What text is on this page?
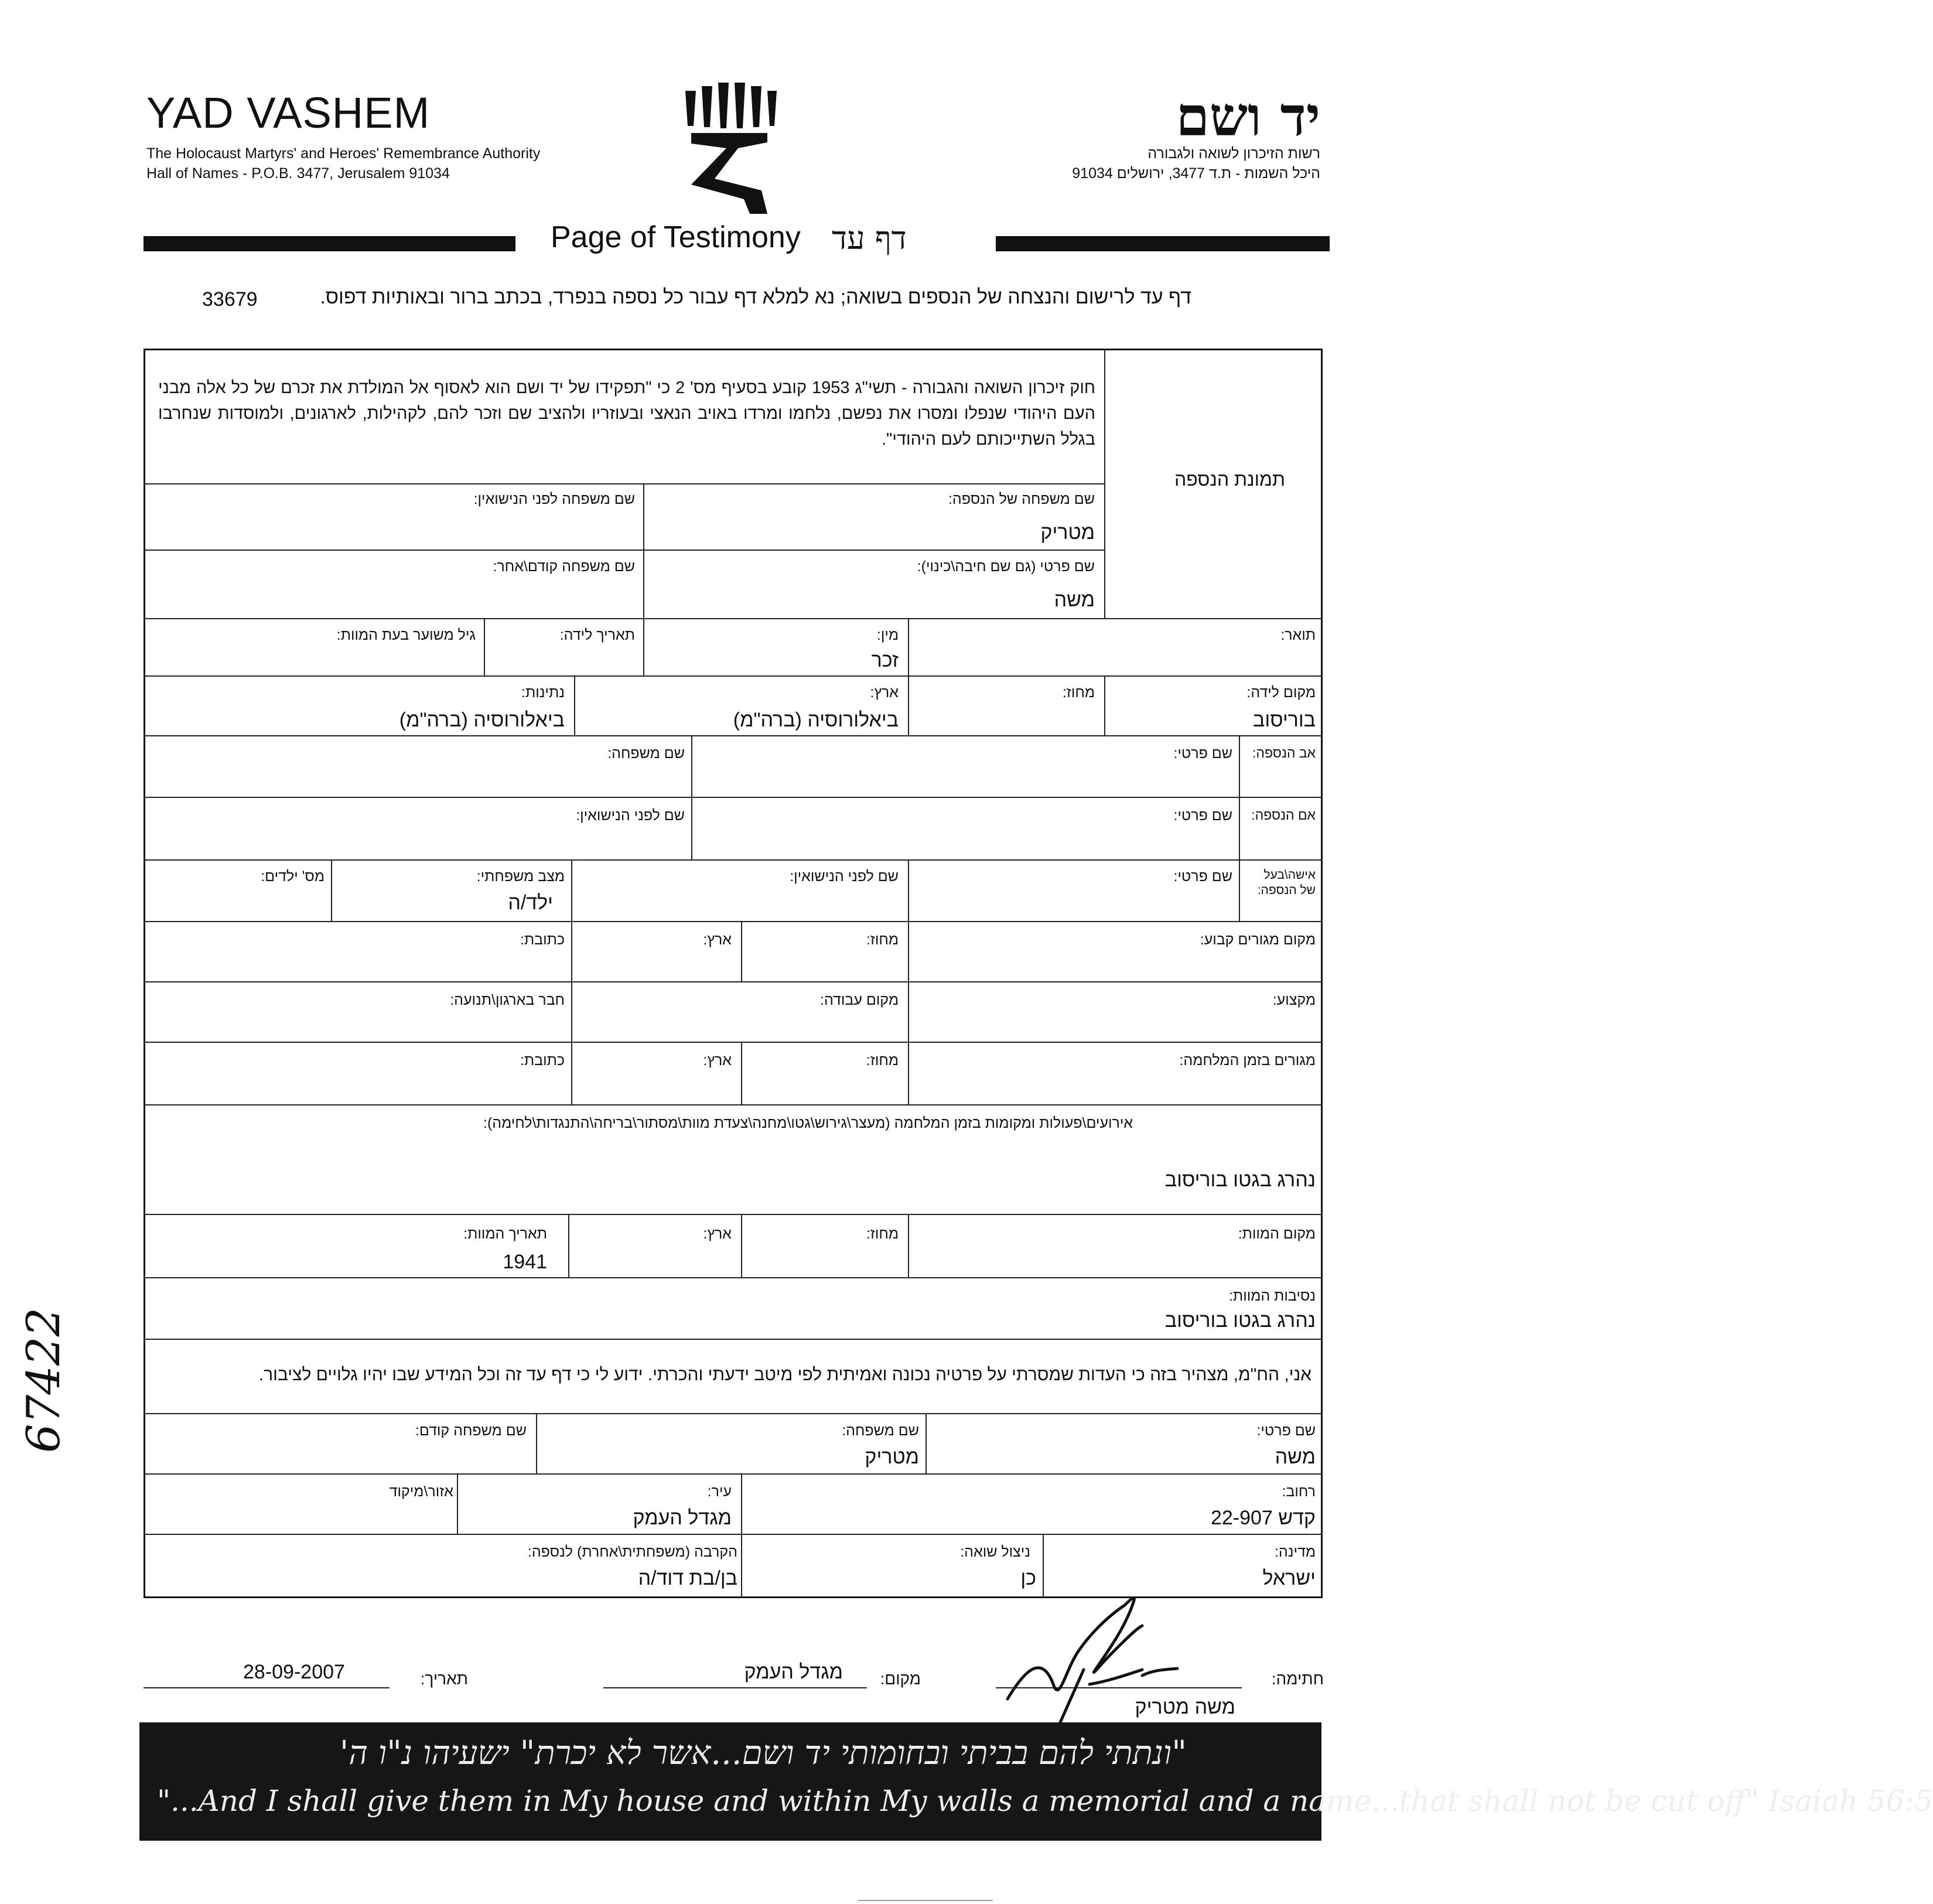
YAD VASHEM
The Holocaust Martyrs' and Heroes' Remembrance Authority
Hall of Names - P.O.B. 3477, Jerusalem 91034
יד ושם
רשות הזיכרון לשואה ולגבורה
היכל השמות - ת.ד 3477, ירושלים 91034
Page of Testimony דף עד
דף עד לרישום והנצחה של הנספים בשואה; נא למלא דף עבור כל נספה בנפרד, בכתב ברור ובאותיות דפוס.
33679
חוק זיכרון השואה והגבורה - תשי"ג 1953 קובע בסעיף מס' 2 כי "תפקידו של יד ושם הוא לאסוף אל המולדת את זכרם של כל אלה מבני העם היהודי שנפלו ומסרו את נפשם, נלחמו ומרדו באויב הנאצי ובעוזריו ולהציב שם וזכר להם, לקהילות, לארגונים, ולמוסדות שנחרבו בגלל השתייכותם לעם היהודי".
תמונת הנספה
שם משפחה של הנספה:
מטריק
שם משפחה לפני הנישואין:
שם פרטי (גם שם חיבה\כינוי):
משה
שם משפחה קודם\אחר:
תואר:
מין:
זכר
תאריך לידה:
גיל משוער בעת המוות:
מקום לידה:
בוריסוב
מחוז:
ארץ:
ביאלורוסיה (ברה"מ)
נתינות:
ביאלורוסיה (ברה"מ)
אב הנספה:
שם פרטי:
שם משפחה:
אם הנספה:
שם פרטי:
שם לפני הנישואין:
אישה\בעל
של הנספה:
שם פרטי:
שם לפני הנישואין:
מצב משפחתי:
ילד/ה
מס' ילדים:
מקום מגורים קבוע:
מחוז:
ארץ:
כתובת:
מקצוע:
מקום עבודה:
חבר בארגון\תנועה:
מגורים בזמן המלחמה:
מחוז:
ארץ:
כתובת:
אירועים\פעולות ומקומות בזמן המלחמה (מעצר\גירוש\גטו\מחנה\צעדת מוות\מסתור\בריחה\התנגדות\לחימה):
נהרג בגטו בוריסוב
מקום המוות:
מחוז:
ארץ:
תאריך המוות:
1941
נסיבות המוות:
נהרג בגטו בוריסוב
אני, הח"מ, מצהיר בזה כי העדות שמסרתי על פרטיה נכונה ואמיתית לפי מיטב ידעתי והכרתי. ידוע לי כי דף עד זה וכל המידע שבו יהיו גלויים לציבור.
שם פרטי:
משה
שם משפחה:
מטריק
שם משפחה קודם:
רחוב:
קדש 22-907
עיר:
מגדל העמק
אזור\מיקוד
מדינה:
ישראל
ניצול שואה:
כן
הקרבה (משפחתית\אחרת) לנספה:
בן/בת דוד/ה
67422
חתימה:
משה מטריק
מקום:
מגדל העמק
תאריך:
28-09-2007
"ונתתי להם בביתי ובחומותי יד ושם...אשר לא יכרת" ישעיהו נ"ו ה'
"...And I shall give them in My house and within My walls a memorial and a name...that shall not be cut off" Isaiah 56:5
